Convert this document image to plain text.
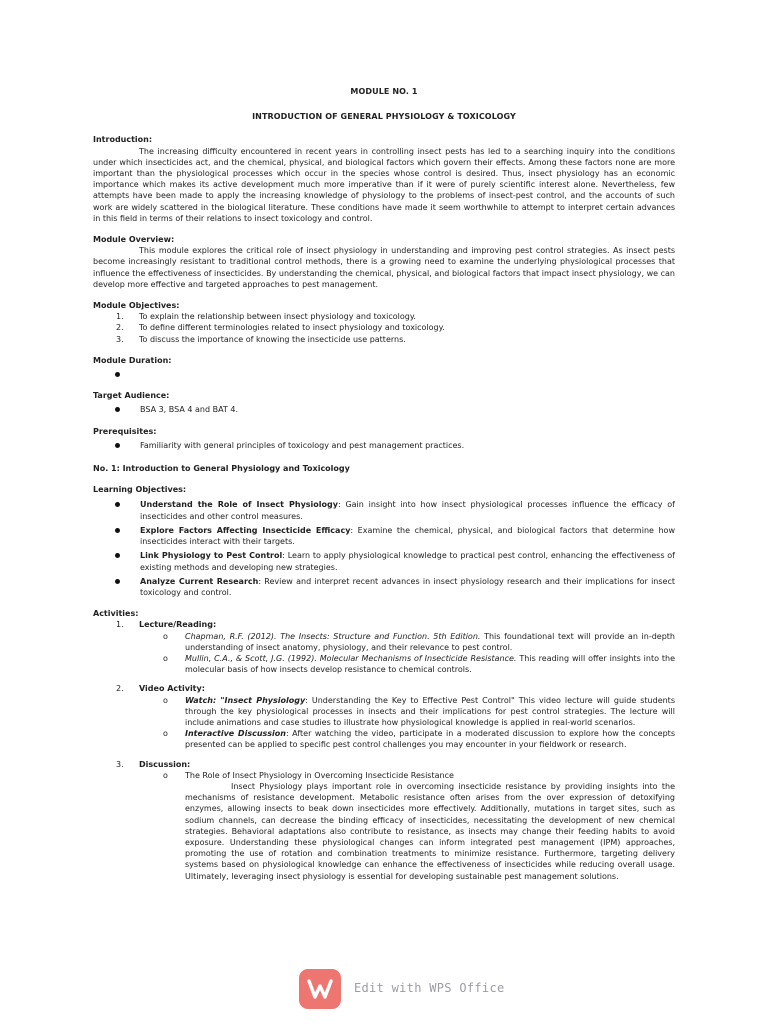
MODULE NO. 1
INTRODUCTION OF GENERAL PHYSIOLOGY & TOXICOLOGY
Introduction:

The increasing difficulty encountered in recent years in controlling insect pests has led to a searching inquiry into the conditions under which insecticides act, and the chemical, physical, and biological factors which govern their effects. Among these factors none are more important than the physiological processes which occur in the species whose control is desired. Thus, insect physiology has an economic importance which makes its active development much more imperative than if it were of purely scientific interest alone. Nevertheless, few attempts have been made to apply the increasing knowledge of physiology to the problems of insect-pest control, and the accounts of such work are widely scattered in the biological literature. These conditions have made it seem worthwhile to attempt to interpret certain advances in this field in terms of their relations to insect toxicology and control.

Module Overview:

This module explores the critical role of insect physiology in understanding and improving pest control strategies. As insect pests become increasingly resistant to traditional control methods, there is a growing need to examine the underlying physiological processes that influence the effectiveness of insecticides. By understanding the chemical, physical, and biological factors that impact insect physiology, we can develop more effective and targeted approaches to pest management.

Module Objectives:
1. To explain the relationship between insect physiology and toxicology.
2. To define different terminologies related to insect physiology and toxicology.
3. To discuss the importance of knowing the insecticide use patterns.
Module Duration:

Target Audience:
BSA 3, BSA 4 and BAT 4.
Prerequisites:
Familiarity with general principles of toxicology and pest management practices.
No. 1: Introduction to General Physiology and Toxicology
Learning Objectives:
Understand the Role of Insect Physiology: Gain insight into how insect physiological processes influence the efficacy of insecticides and other control measures.
Explore Factors Affecting Insecticide Efficacy: Examine the chemical, physical, and biological factors that determine how insecticides interact with their targets.
Link Physiology to Pest Control: Learn to apply physiological knowledge to practical pest control, enhancing the effectiveness of existing methods and developing new strategies.
Analyze Current Research: Review and interpret recent advances in insect physiology research and their implications for insect toxicology and control.
Activities:
1. Lecture/Reading:
o Chapman, R.F. (2012). The Insects: Structure and Function. 5th Edition. This foundational text will provide an in-depth understanding of insect anatomy, physiology, and their relevance to pest control.
o Mullin, C.A., & Scott, J.G. (1992). Molecular Mechanisms of Insecticide Resistance. This reading will offer insights into the molecular basis of how insects develop resistance to chemical controls.
2. Video Activity:
o Watch: "Insect Physiology: Understanding the Key to Effective Pest Control" This video lecture will guide students through the key physiological processes in insects and their implications for pest control strategies. The lecture will include animations and case studies to illustrate how physiological knowledge is applied in real-world scenarios.
o Interactive Discussion: After watching the video, participate in a moderated discussion to explore how the concepts presented can be applied to specific pest control challenges you may encounter in your fieldwork or research.
3. Discussion:
o The Role of Insect Physiology in Overcoming Insecticide Resistance
Insect Physiology plays important role in overcoming insecticide resistance by providing insights into the mechanisms of resistance development. Metabolic resistance often arises from the over expression of detoxifying enzymes, allowing insects to beak down insecticides more effectively. Additionally, mutations in target sites, such as sodium channels, can decrease the binding efficacy of insecticides, necessitating the development of new chemical strategies. Behavioral adaptations also contribute to resistance, as insects may change their feeding habits to avoid exposure. Understanding these physiological changes can inform integrated pest management (IPM) approaches, promoting the use of rotation and combination treatments to minimize resistance. Furthermore, targeting delivery systems based on physiological knowledge can enhance the effectiveness of insecticides while reducing overall usage. Ultimately, leveraging insect physiology is essential for developing sustainable pest management solutions.
Edit with WPS Office
